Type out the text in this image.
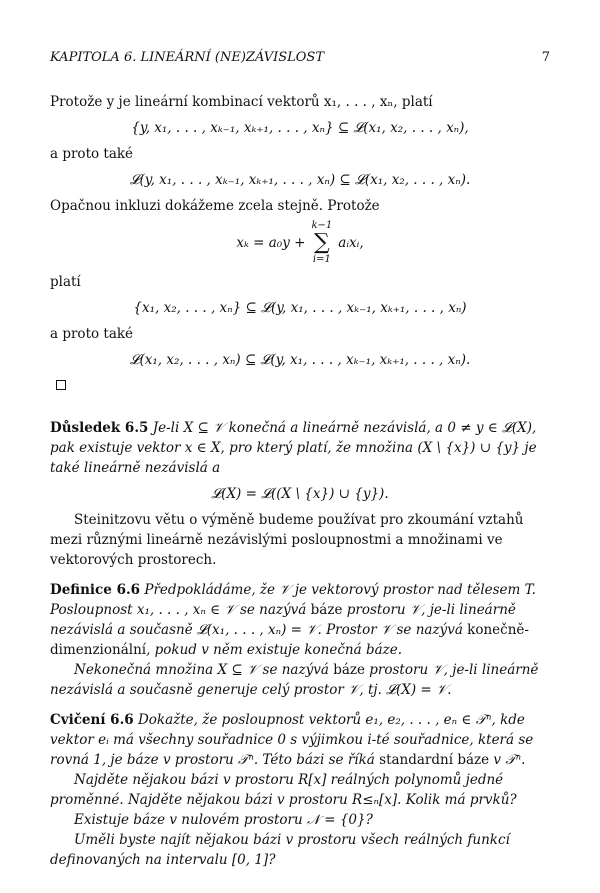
KAPITOLA 6. LINEÁRNÍ (NE)ZÁVISLOST	7

Protože y je lineární kombinací vektorů x₁, . . . , xₙ, platí

{y, x₁, . . . , xₖ₋₁, xₖ₊₁, . . . , xₙ} ⊆ 𝓛(x₁, x₂, . . . , xₙ),

a proto také

𝓛(y, x₁, . . . , xₖ₋₁, xₖ₊₁, . . . , xₙ) ⊆ 𝓛(x₁, x₂, . . . , xₙ).

Opačnou inkluzi dokážeme zcela stejně. Protože

xₖ = a₀y +
k−1
∑
i=1
aᵢxᵢ,

platí

{x₁, x₂, . . . , xₙ} ⊆ 𝓛(y, x₁, . . . , xₖ₋₁, xₖ₊₁, . . . , xₙ)

a proto také

𝓛(x₁, x₂, . . . , xₙ) ⊆ 𝓛(y, x₁, . . . , xₖ₋₁, xₖ₊₁, . . . , xₙ).
Důsledek 6.5 Je-li X ⊆ 𝒱 konečná a lineárně nezávislá, a 0 ≠ y ∈ 𝓛(X), pak existuje vektor x ∈ X, pro který platí, že množina (X \ {x}) ∪ {y} je také lineárně nezávislá a
𝓛(X) = 𝓛((X \ {x}) ∪ {y}).

Steinitzovu větu o výměně budeme používat pro zkoumání vztahů mezi různými lineárně nezávislými posloupnostmi a množinami ve vektorových prostorech.

Definice 6.6 Předpokládáme, že 𝒱 je vektorový prostor nad tělesem T. Posloupnost x₁, . . . , xₙ ∈ 𝒱 se nazývá báze prostoru 𝒱, je-li lineárně nezávislá a současně 𝓛(x₁, . . . , xₙ) = 𝒱. Prostor 𝒱 se nazývá konečně-dimenzionální, pokud v něm existuje konečná báze.

Nekonečná množina X ⊆ 𝒱 se nazývá báze prostoru 𝒱, je-li lineárně nezávislá a současně generuje celý prostor 𝒱, tj. 𝓛(X) = 𝒱.

Cvičení 6.6 Dokažte, že posloupnost vektorů e₁, e₂, . . . , eₙ ∈ 𝒯ⁿ, kde vektor eᵢ má všechny souřadnice 0 s výjimkou i-té souřadnice, která se rovná 1, je báze v prostoru 𝒯ⁿ. Této bázi se říká standardní báze v 𝒯ⁿ.

Najděte nějakou bázi v prostoru R[x] reálných polynomů jedné proměnné. Najděte nějakou bázi v prostoru R≤ₙ[x]. Kolik má prvků?

Existuje báze v nulovém prostoru 𝒩 = {0}?

Uměli byste najít nějakou bázi v prostoru všech reálných funkcí definovaných na intervalu [0, 1]?
